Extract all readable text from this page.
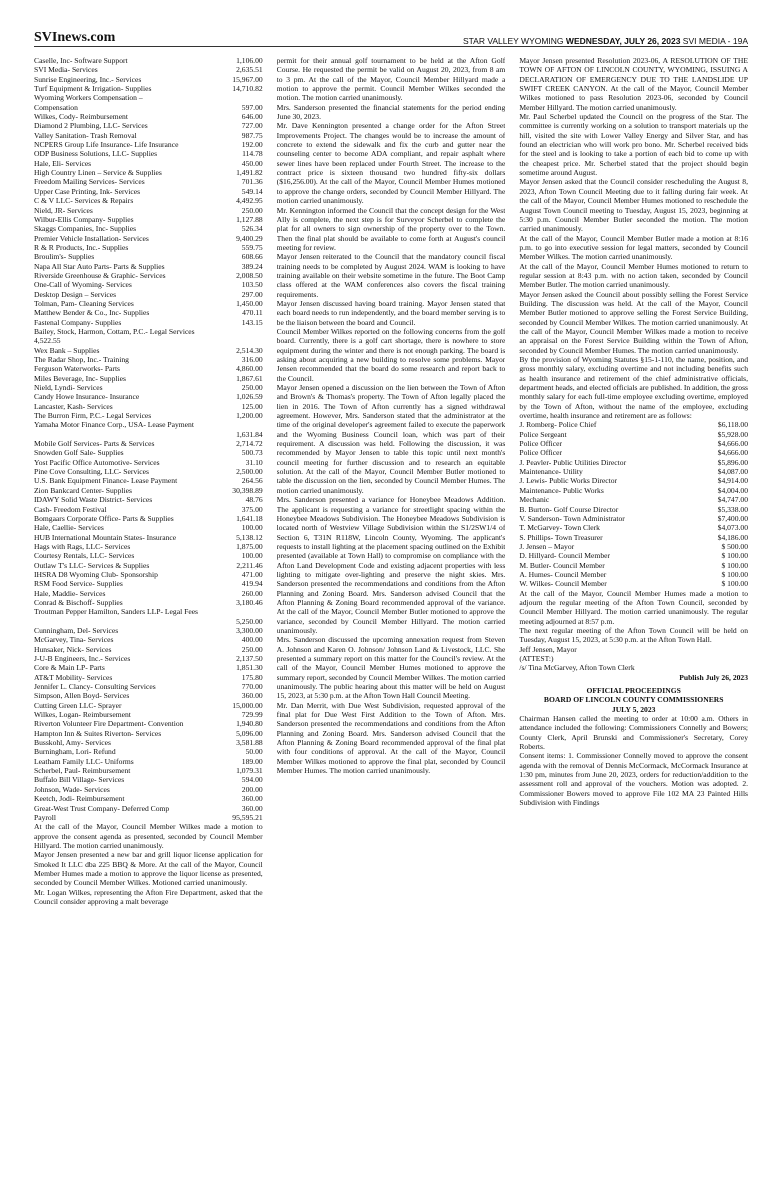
SVInews.com	STAR VALLEY WYOMING WEDNESDAY, JULY 26, 2023 SVI MEDIA - 19A
Caselle, Inc- Software Support	1,106.00
SVI Media- Services	2,635.51
Sunrise Engineering, Inc.- Services	15,967.00
Turf Equipment & Irrigation- Supplies	14,710.82
Wyoming Workers Compensation –
Compensation	597.00
Wilkes, Cody- Reimbursement	646.00
Diamond 2 Plumbing, LLC- Services	727.00
Valley Sanitation- Trash Removal	987.75
NCPERS Group Life Insurance- Life Insurance	192.00
ODP Business Solutions, LLC- Supplies	114.78
Hale, Eli- Services	450.00
High Country Linen – Service & Supplies	1,491.82
Freedom Mailing Services- Services	701.36
Upper Case Printing, Ink- Services	549.14
C & V LLC- Services & Repairs	4,492.95
Nield, JR- Services	250.00
Wilbur-Ellis Company- Supplies	1,127.88
Skaggs Companies, Inc- Supplies	526.34
Premier Vehicle Installation- Services	9,400.29
R & R Products, Inc.- Supplies	559.75
Broulim's- Supplies	608.66
Napa All Star Auto Parts- Parts & Supplies	389.24
Riverside Greenhouse & Graphic- Services	2,008.50
One-Call of Wyoming- Services	103.50
Desktop Design – Services	297.00
Tolman, Pam- Cleaning Services	1,450.00
Matthew Bender & Co., Inc- Supplies	470.11
Fastenal Company- Supplies	143.15
Bailey, Stock, Harmon, Cottam, P.C.- Legal Services
4,522.55
Wex Bank – Supplies	2,514.30
The Radar Shop, Inc.- Training	316.00
Ferguson Waterworks- Parts	4,860.00
Miles Beverage, Inc- Supplies	1,867.61
Nield, Lyndi- Services	250.00
Candy Howe Insurance- Insurance	1,026.59
Lancaster, Kash- Services	125.00
The Burron Firm, P.C.- Legal Services	1,200.00
Yamaha Motor Finance Corp., USA- Lease Payment
1,631.84
Mobile Golf Services- Parts & Services	2,714.72
Snowden Golf Sale- Supplies	500.73
Yost Pacific Office Automotive- Services	31.10
Pine Cove Consulting, LLC- Services	2,500.00
U.S. Bank Equipment Finance- Lease Payment	264.56
Zion Bankcard Center- Supplies	30,398.89
IDAWY Solid Waste District- Services	48.76
Cash- Freedom Festival	375.00
Bomgaars Corporate Office- Parts & Supplies	1,641.18
Hale, Caellie- Services	100.00
HUB International Mountain States- Insurance	5,138.12
Hags with Rags, LLC- Services	1,875.00
Courtesy Rentals, LLC- Services	100.00
Outlaw T's LLC- Services & Supplies	2,211.46
IHSRA D8 Wyoming Club- Sponsorship	471.00
RSM Food Service- Supplies	419.94
Hale, Maddie- Services	260.00
Conrad & Bischoff- Supplies	3,180.46
Troutman Pepper Hamilton, Sanders LLP- Legal Fees
5,250.00
Cunningham, Del- Services	3,300.00
McGarvey, Tina- Services	400.00
Hunsaker, Nick- Services	250.00
J-U-B Engineers, Inc.- Services	2,137.50
Core & Main LP- Parts	1,851.30
AT&T Mobility- Services	175.80
Jennifer L. Clancy- Consulting Services	770.00
Simpson, Allen Boyd- Services	360.00
Cutting Green LLC- Sprayer	15,000.00
Wilkes, Logan- Reimbursement	729.99
Riverton Volunteer Fire Department- Convention	1,940.80
Hampton Inn & Suites Riverton- Services	5,096.00
Busskohl, Amy- Services	3,581.88
Burningham, Lori- Refund	50.00
Leatham Family LLC- Uniforms	189.00
Scherbel, Paul- Reimbursement	1,079.31
Buffalo Bill Village- Services	594.00
Johnson, Wade- Services	200.00
Keetch, Jodi- Reimbursement	360.00
Great-West Trust Company- Deferred Comp	360.00
Payroll	95,595.21
At the call of the Mayor, Council Member Wilkes made a motion to approve the consent agenda as presented, seconded by Council Member Hillyard. The motion carried unanimously.
Mayor Jensen presented a new bar and grill liquor license application for Smoked It LLC dba 225 BBQ & More. At the call of the Mayor, Council Member Humes made a motion to approve the liquor license as presented, seconded by Council Member Wilkes. Motioned carried unanimously.
Mr. Logan Wilkes, representing the Afton Fire Department, asked that the Council consider approving a malt beverage
permit for their annual golf tournament to be held at the Afton Golf Course. He requested the permit be valid on August 20, 2023, from 8 am to 3 pm. At the call of the Mayor, Council Member Hillyard made a motion to approve the permit. Council Member Wilkes seconded the motion. The motion carried unanimously.
Mrs. Sanderson presented the financial statements for the period ending June 30, 2023.
Mr. Dave Kennington presented a change order for the Afton Street Improvements Project. The changes would be to increase the amount of concrete to extend the sidewalk and fix the curb and gutter near the counseling center to become ADA compliant, and repair asphalt where sewer lines have been replaced under Fourth Street. The increase to the contract price is sixteen thousand two hundred fifty-six dollars ($16,256.00). At the call of the Mayor, Council Member Humes motioned to approve the change orders, seconded by Council Member Hillyard. The motion carried unanimously.
Mr. Kennington informed the Council that the concept design for the West Ally is complete, the next step is for Surveyor Scherbel to complete the plat for all owners to sign ownership of the property over to the Town. Then the final plat should be available to come forth at August's council meeting for review.
Mayor Jensen reiterated to the Council that the mandatory council fiscal training needs to be completed by August 2024. WAM is looking to have training available on their website sometime in the future. The Boot Camp class offered at the WAM conferences also covers the fiscal training requirements.
Mayor Jensen discussed having board training. Mayor Jensen stated that each board needs to run independently, and the board member serving is to be the liaison between the board and Council.
Council Member Wilkes reported on the following concerns from the golf board. Currently, there is a golf cart shortage, there is nowhere to store equipment during the winter and there is not enough parking. The board is asking about acquiring a new building to resolve some problems. Mayor Jensen recommended that the board do some research and report back to the Council.
Mayor Jensen opened a discussion on the lien between the Town of Afton and Brown's & Thomas's property. The Town of Afton legally placed the lien in 2016. The Town of Afton currently has a signed withdrawal agreement. However, Mrs. Sanderson stated that the administrator at the time of the original developer's agreement failed to execute the paperwork and the Wyoming Business Council loan, which was part of their requirement. A discussion was held. Following the discussion, it was recommended by Mayor Jensen to table this topic until next month's council meeting for further discussion and to research an equitable solution. At the call of the Mayor, Council Member Butler motioned to table the discussion on the lien, seconded by Council Member Humes. The motion carried unanimously.
Mrs. Sanderson presented a variance for Honeybee Meadows Addition. The applicant is requesting a variance for streetlight spacing within the Honeybee Meadows Subdivision. The Honeybee Meadows Subdivision is located north of Westview Village Subdivision within the S1/2SW1/4 of Section 6, T31N R118W, Lincoln County, Wyoming. The applicant's requests to install lighting at the placement spacing outlined on the Exhibit presented (available at Town Hall) to compromise on compliance with the Afton Land Development Code and existing adjacent properties with less lighting to mitigate over-lighting and preserve the night skies. Mrs. Sanderson presented the recommendations and conditions from the Afton Planning and Zoning Board. Mrs. Sanderson advised Council that the Afton Planning & Zoning Board recommended approval of the variance. At the call of the Mayor, Council Member Butler motioned to approve the variance, seconded by Council Member Hillyard. The motion carried unanimously.
Mrs. Sanderson discussed the upcoming annexation request from Steven A. Johnson and Karen O. Johnson/ Johnson Land & Livestock, LLC. She presented a summary report on this matter for the Council's review. At the call of the Mayor, Council Member Humes motioned to approve the summary report, seconded by Council Member Wilkes. The motion carried unanimously. The public hearing about this matter will be held on August 15, 2023, at 5:30 p.m. at the Afton Town Hall Council Meeting.
Mr. Dan Merrit, with Due West Subdivision, requested approval of the final plat for Due West First Addition to the Town of Afton. Mrs. Sanderson presented the recommendations and conditions from the Afton Planning and Zoning Board. Mrs. Sanderson advised Council that the Afton Planning & Zoning Board recommended approval of the final plat with four conditions of approval. At the call of the Mayor, Council Member Wilkes motioned to approve the final plat, seconded by Council Member Humes. The motion carried unanimously.
Mayor Jensen presented Resolution 2023-06, A RESOLUTION OF THE TOWN OF AFTON OF LINCOLN COUNTY, WYOMING, ISSUING A DECLARATION OF EMERGENCY DUE TO THE LANDSLIDE UP SWIFT CREEK CANYON. At the call of the Mayor, Council Member Wilkes motioned to pass Resolution 2023-06, seconded by Council Member Hillyard. The motion carried unanimously.
Mr. Paul Scherbel updated the Council on the progress of the Star. The committee is currently working on a solution to transport materials up the hill, visited the site with Lower Valley Energy and Silver Star, and has found an electrician who will work pro bono. Mr. Scherbel received bids for the steel and is looking to take a portion of each bid to come up with the cheapest price. Mr. Scherbel stated that the project should begin sometime around August.
Mayor Jensen asked that the Council consider rescheduling the August 8, 2023, Afton Town Council Meeting due to it falling during fair week. At the call of the Mayor, Council Member Humes motioned to reschedule the August Town Council meeting to Tuesday, August 15, 2023, beginning at 5:30 p.m. Council Member Butler seconded the motion. The motion carried unanimously.
At the call of the Mayor, Council Member Butler made a motion at 8:16 p.m. to go into executive session for legal matters, seconded by Council Member Wilkes. The motion carried unanimously.
At the call of the Mayor, Council Member Humes motioned to return to regular session at 8:43 p.m. with no action taken, seconded by Council Member Butler. The motion carried unanimously.
Mayor Jensen asked the Council about possibly selling the Forest Service Building. The discussion was held. At the call of the Mayor, Council Member Butler motioned to approve selling the Forest Service Building, seconded by Council Member Wilkes. The motion carried unanimously. At the call of the Mayor, Council Member Wilkes made a motion to receive an appraisal on the Forest Service Building within the Town of Afton, seconded by Council Member Humes. The motion carried unanimously.
By the provision of Wyoming Statutes §15-1-110, the name, position, and gross monthly salary, excluding overtime and not including benefits such as health insurance and retirement of the chief administrative officials, department heads, and elected officials are published. In addition, the gross monthly salary for each full-time employee excluding overtime, employed by the Town of Afton, without the name of the employee, excluding overtime, health insurance and retirement are as follows:
J. Romberg- Police Chief	$6,118.00
Police Sergeant	$5,928.00
Police Officer	$4,666.00
Police Officer	$4,666.00
J. Peavler- Public Utilities Director	$5,896.00
Maintenance- Utility	$4,087.00
J. Lewis- Public Works Director	$4,914.00
Maintenance- Public Works	$4,004.00
Mechanic	$4,747.00
B. Burton- Golf Course Director	$5,338.00
V. Sanderson- Town Administrator	$7,400.00
T. McGarvey- Town Clerk	$4,073.00
S. Phillips- Town Treasurer	$4,186.00
J. Jensen – Mayor	$ 500.00
D. Hillyard- Council Member	$ 100.00
M. Butler- Council Member	$ 100.00
A. Humes- Council Member	$ 100.00
W. Wilkes- Council Member	$ 100.00
At the call of the Mayor, Council Member Humes made a motion to adjourn the regular meeting of the Afton Town Council, seconded by Council Member Hillyard. The motion carried unanimously. The regular meeting adjourned at 8:57 p.m.
The next regular meeting of the Afton Town Council will be held on Tuesday, August 15, 2023, at 5:30 p.m. at the Afton Town Hall.
Jeff Jensen, Mayor
(ATTEST:)
/s/ Tina McGarvey, Afton Town Clerk
Publish July 26, 2023
OFFICIAL PROCEEDINGS
BOARD OF LINCOLN COUNTY COMMISSIONERS
JULY 5, 2023
Chairman Hansen called the meeting to order at 10:00 a.m. Others in attendance included the following: Commissioners Connelly and Bowers; County Clerk, April Brunski and Commissioner's Secretary, Corey Roberts.
Consent items: 1. Commissioner Connelly moved to approve the consent agenda with the removal of Dennis McCormack, McCormack Insurance at 1:30 pm, minutes from June 20, 2023, orders for reduction/addition to the assessment roll and approval of the vouchers. Motion was adopted. 2. Commissioner Bowers moved to approve File 102 MA 23 Painted Hills Subdivision with Findings
